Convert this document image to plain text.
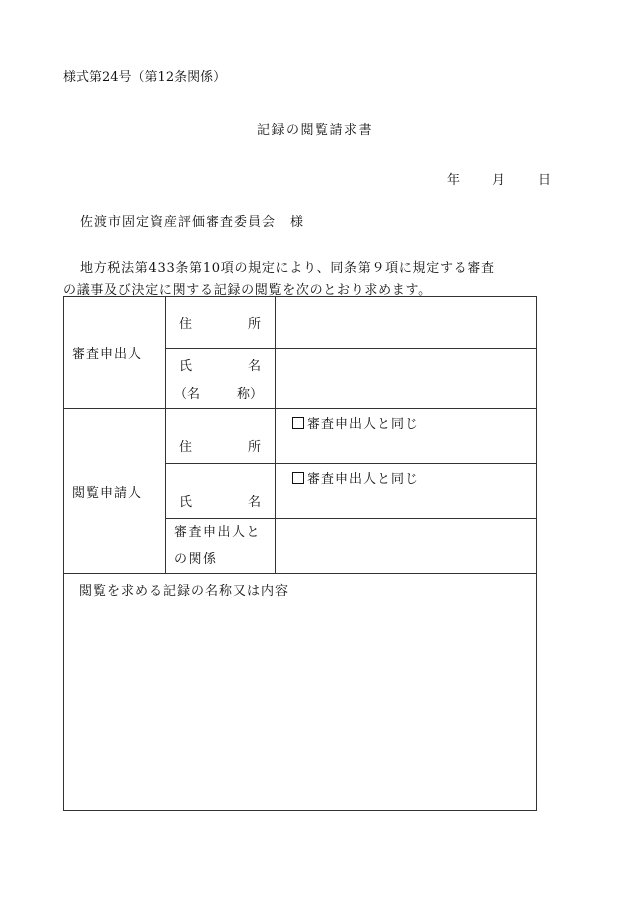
様式第24号（第12条関係）
記録の閲覧請求書
年 月	日
佐渡市固定資産評価審査委員会　様
地方税法第433条第10項の規定により、同条第９項に規定する審査
の議事及び決定に関する記録の閲覧を次のとおり求めます。
審査申出人	住 所	

	氏 名
（名 称）	

閲覧申請人	住 所	審査申出人と同じ

	氏 名	審査申出人と同じ

	審査申出人と
の関係	

閲覧を求める記録の名称又は内容		
